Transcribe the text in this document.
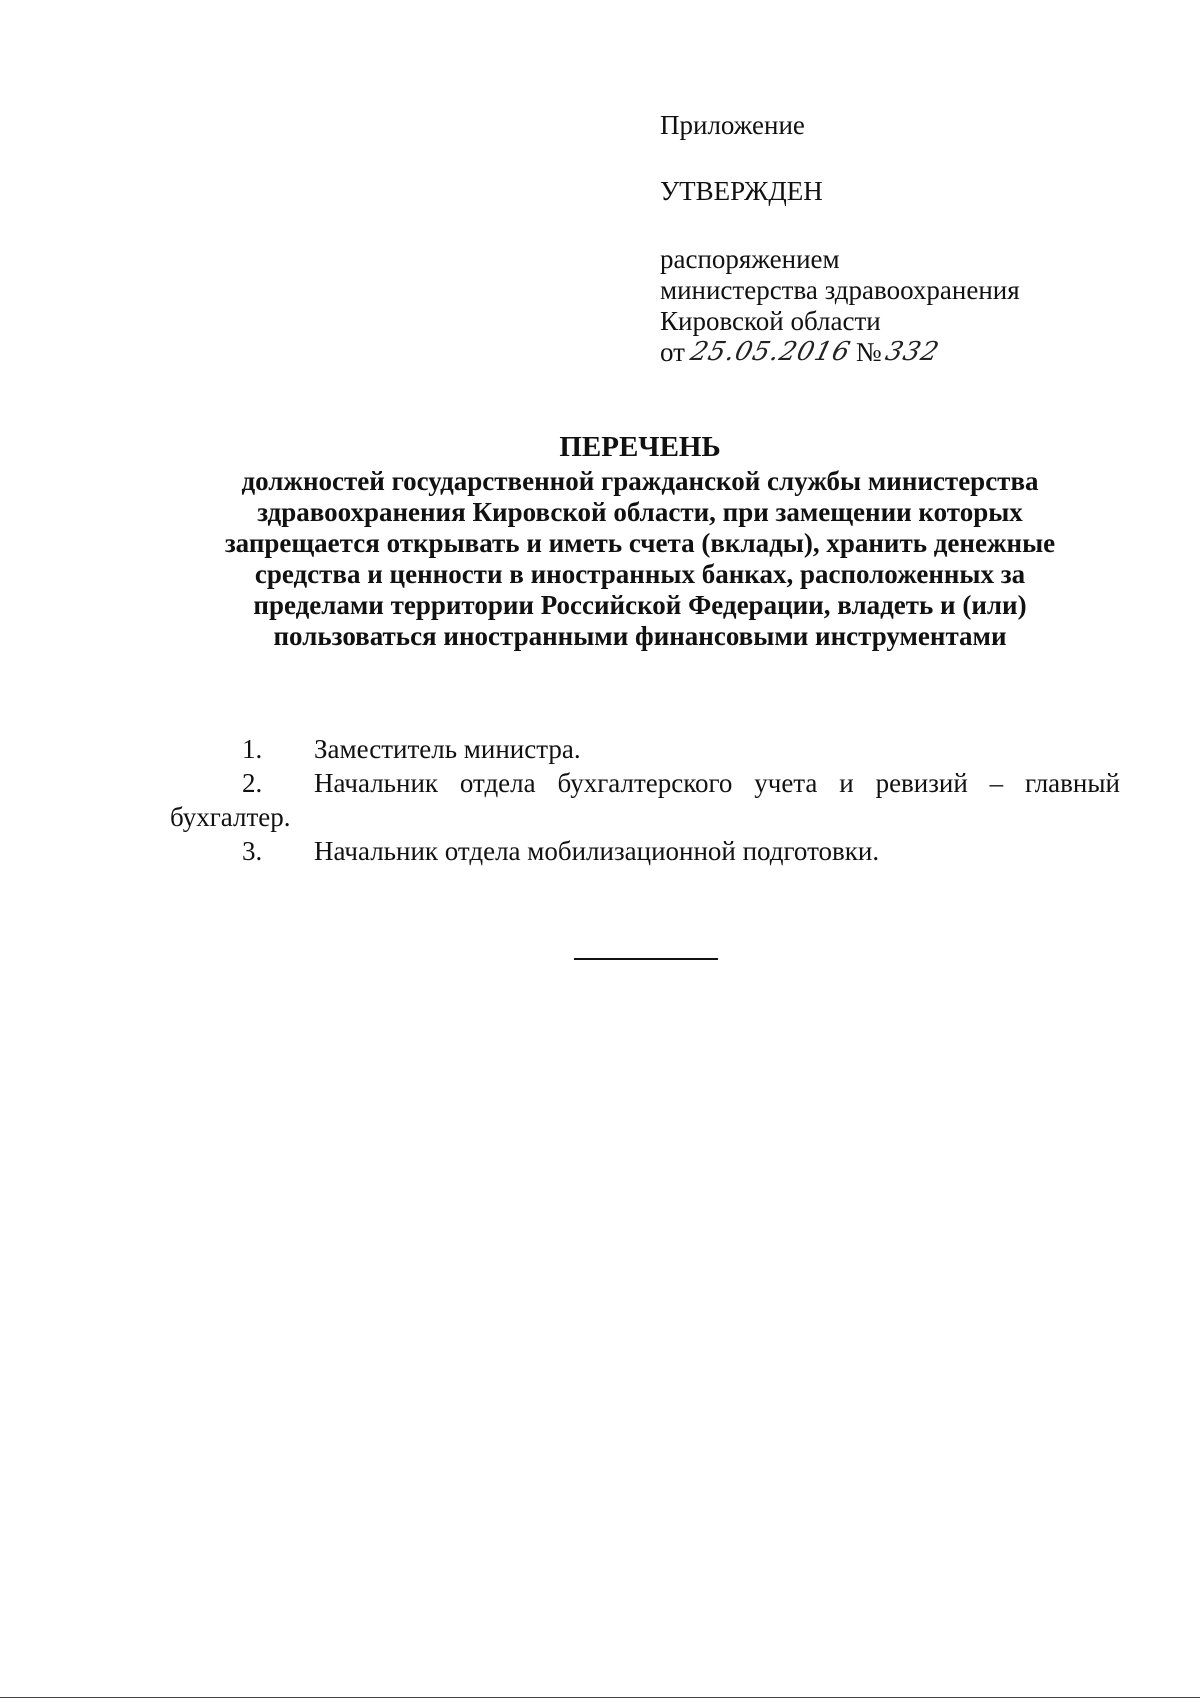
Приложение
УТВЕРЖДЕН
распоряжением
министерства здравоохранения
Кировской области
от 25.05.2016 № 332
ПЕРЕЧЕНЬ
должностей государственной гражданской службы министерства
здравоохранения Кировской области, при замещении которых
запрещается открывать и иметь счета (вклады), хранить денежные
средства и ценности в иностранных банках, расположенных за
пределами территории Российской Федерации, владеть и (или)
пользоваться иностранными финансовыми инструментами
1. Заместитель министра.
2. Начальник отдела бухгалтерского учета и ревизий – главный
бухгалтер.
3. Начальник отдела мобилизационной подготовки.
